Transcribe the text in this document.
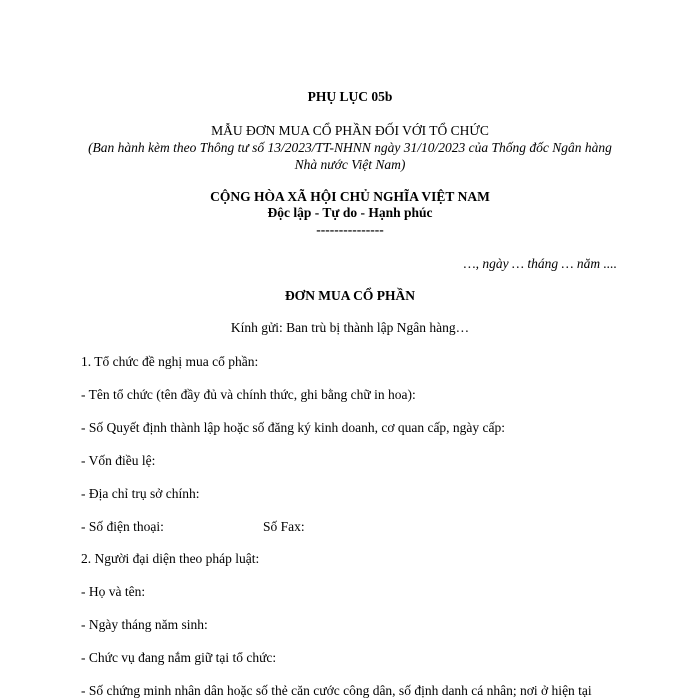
PHỤ LỤC 05b
MẪU ĐƠN MUA CỔ PHẦN ĐỐI VỚI TỔ CHỨC
(Ban hành kèm theo Thông tư số 13/2023/TT-NHNN ngày 31/10/2023 của Thống đốc Ngân hàng
Nhà nước Việt Nam)
CỘNG HÒA XÃ HỘI CHỦ NGHĨA VIỆT NAM
Độc lập - Tự do - Hạnh phúc
---------------
…, ngày … tháng … năm ....
ĐƠN MUA CỔ PHẦN
Kính gửi: Ban trù bị thành lập Ngân hàng…
1. Tổ chức đề nghị mua cổ phần:
- Tên tổ chức (tên đầy đủ và chính thức, ghi bằng chữ in hoa):
- Số Quyết định thành lập hoặc số đăng ký kinh doanh, cơ quan cấp, ngày cấp:
- Vốn điều lệ:
- Địa chỉ trụ sở chính:
- Số điện thoại:	Số Fax:
2. Người đại diện theo pháp luật:
- Họ và tên:
- Ngày tháng năm sinh:
- Chức vụ đang nắm giữ tại tổ chức:
- Số chứng minh nhân dân hoặc số thẻ căn cước công dân, số định danh cá nhân; nơi ở hiện tại
